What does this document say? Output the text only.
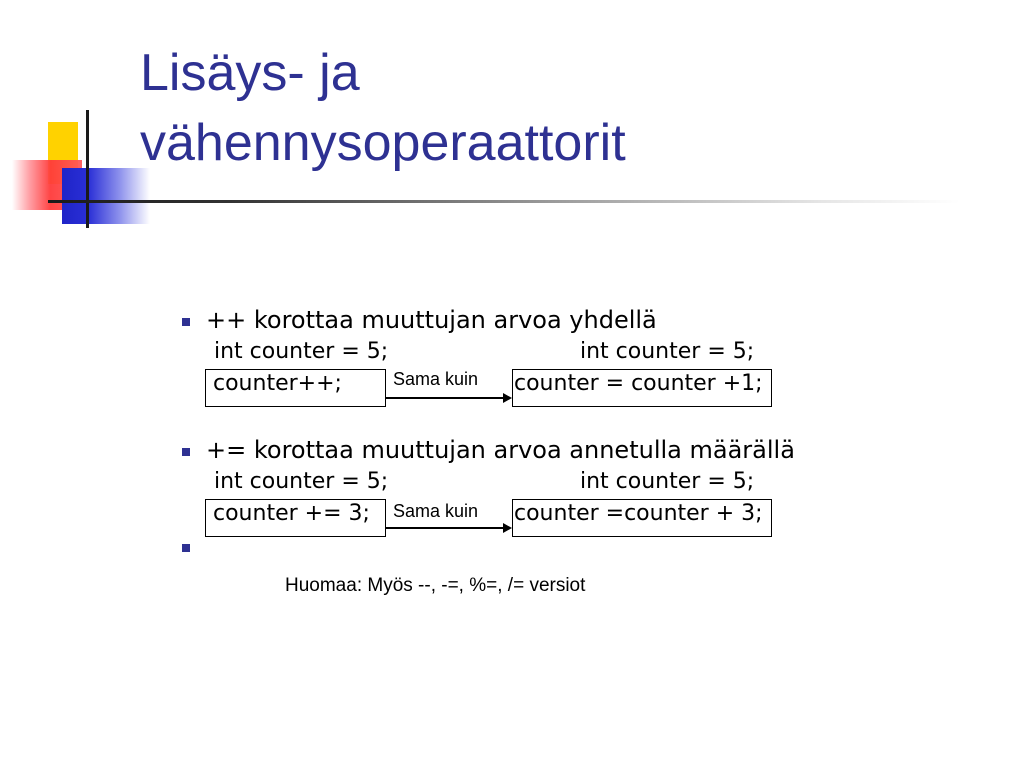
Lisäys- ja
vähennysoperaattorit
++ korottaa muuttujan arvoa yhdellä
int counter = 5;	int counter = 5;
counter++;	Sama kuin counter = counter +1;
+= korottaa muuttujan arvoa annetulla määrällä
int counter = 5;	int counter = 5;
counter += 3; Sama kuin counter =counter + 3;
Huomaa: Myös --, -=, %=, /= versiot
